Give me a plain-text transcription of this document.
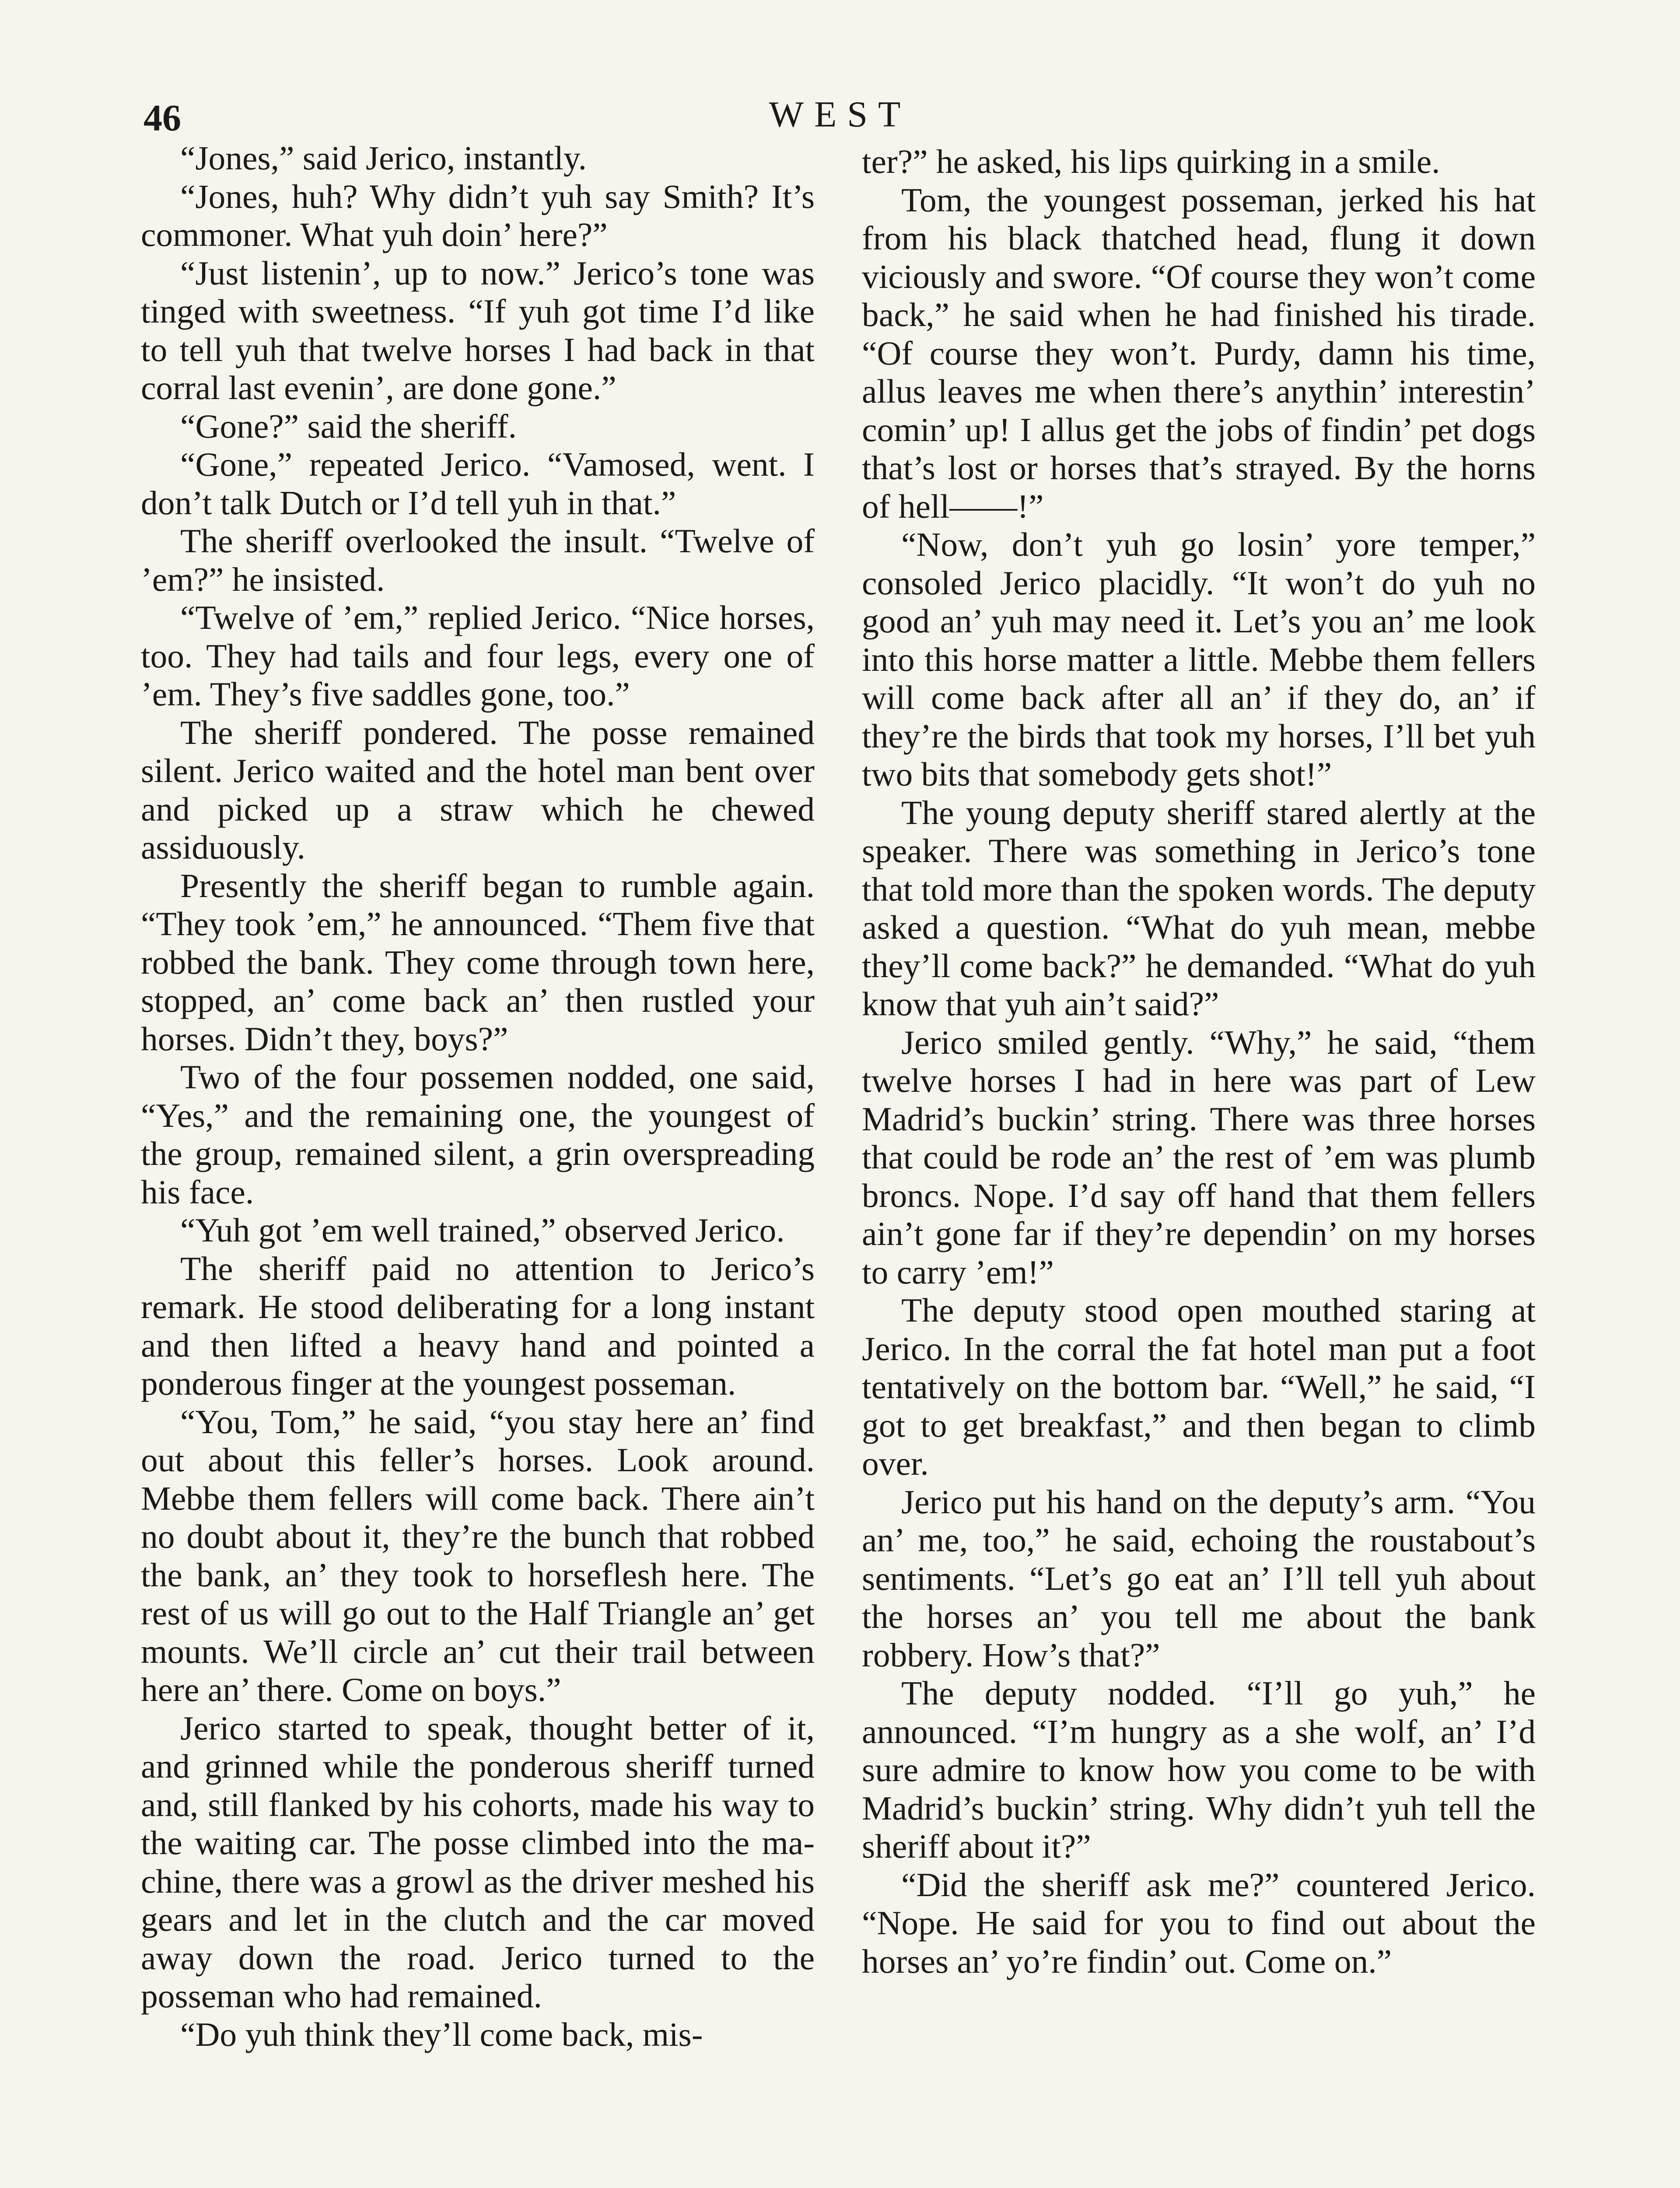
46	WEST

“Jones,” said Jerico, instantly.

“Jones, huh? Why didn’t yuh say Smith? It’s commoner. What yuh doin’ here?”

“Just listenin’, up to now.” Jerico’s tone was tinged with sweetness. “If yuh got time I’d like to tell yuh that twelve horses I had back in that corral last evenin’, are done gone.”

“Gone?” said the sheriff.

“Gone,” repeated Jerico. “Vamosed, went. I don’t talk Dutch or I’d tell yuh in that.”

The sheriff overlooked the insult. “Twelve of ’em?” he insisted.

“Twelve of ’em,” replied Jerico. “Nice horses, too. They had tails and four legs, every one of ’em. They’s five saddles gone, too.”

The sheriff pondered. The posse remained silent. Jerico waited and the hotel man bent over and picked up a straw which he chewed assiduously.

Presently the sheriff began to rumble again. “They took ’em,” he announced. “Them five that robbed the bank. They come through town here, stopped, an’ come back an’ then rustled your horses. Didn’t they, boys?”

Two of the four possemen nodded, one said, “Yes,” and the remaining one, the youngest of the group, remained silent, a grin overspreading his face.

“Yuh got ’em well trained,” observed Jerico.

The sheriff paid no attention to Jerico’s remark. He stood deliberating for a long instant and then lifted a heavy hand and pointed a ponderous finger at the youngest posseman.

“You, Tom,” he said, “you stay here an’ find out about this feller’s horses. Look around. Mebbe them fellers will come back. There ain’t no doubt about it, they’re the bunch that robbed the bank, an’ they took to horseflesh here. The rest of us will go out to the Half Triangle an’ get mounts. We’ll circle an’ cut their trail between here an’ there. Come on boys.”

Jerico started to speak, thought better of it, and grinned while the ponderous sheriff turned and, still flanked by his cohorts, made his way to the waiting car. The posse climbed into the machine, there was a growl as the driver meshed his gears and let in the clutch and the car moved away down the road. Jerico turned to the posseman who had remained.

“Do yuh think they’ll come back, mis-

ter?” he asked, his lips quirking in a smile.

Tom, the youngest posseman, jerked his hat from his black thatched head, flung it down viciously and swore. “Of course they won’t come back,” he said when he had finished his tirade. “Of course they won’t. Purdy, damn his time, allus leaves me when there’s anythin’ interestin’ comin’ up! I allus get the jobs of findin’ pet dogs that’s lost or horses that’s strayed. By the horns of hell——!”

“Now, don’t yuh go losin’ yore temper,” consoled Jerico placidly. “It won’t do yuh no good an’ yuh may need it. Let’s you an’ me look into this horse matter a little. Mebbe them fellers will come back after all an’ if they do, an’ if they’re the birds that took my horses, I’ll bet yuh two bits that somebody gets shot!”

The young deputy sheriff stared alertly at the speaker. There was something in Jerico’s tone that told more than the spoken words. The deputy asked a question. “What do yuh mean, mebbe they’ll come back?” he demanded. “What do yuh know that yuh ain’t said?”

Jerico smiled gently. “Why,” he said, “them twelve horses I had in here was part of Lew Madrid’s buckin’ string. There was three horses that could be rode an’ the rest of ’em was plumb broncs. Nope. I’d say off hand that them fellers ain’t gone far if they’re dependin’ on my horses to carry ’em!”

The deputy stood open mouthed staring at Jerico. In the corral the fat hotel man put a foot tentatively on the bottom bar. “Well,” he said, “I got to get breakfast,” and then began to climb over.

Jerico put his hand on the deputy’s arm. “You an’ me, too,” he said, echoing the roustabout’s sentiments. “Let’s go eat an’ I’ll tell yuh about the horses an’ you tell me about the bank robbery. How’s that?”

The deputy nodded. “I’ll go yuh,” he announced. “I’m hungry as a she wolf, an’ I’d sure admire to know how you come to be with Madrid’s buckin’ string. Why didn’t yuh tell the sheriff about it?”

“Did the sheriff ask me?” countered Jerico. “Nope. He said for you to find out about the horses an’ yo’re findin’ out. Come on.”
